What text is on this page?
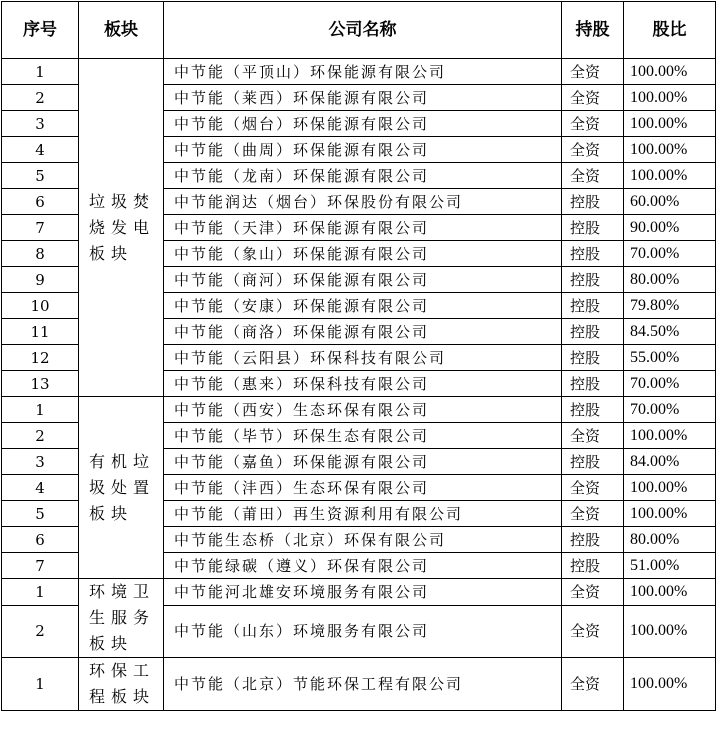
序号	板块	公司名称	持股	股比
1	垃圾焚烧发电板块	中节能（平顶山）环保能源有限公司	全资	100.00%
2		中节能（莱西）环保能源有限公司	全资	100.00%
3		中节能（烟台）环保能源有限公司	全资	100.00%
4		中节能（曲周）环保能源有限公司	全资	100.00%
5		中节能（龙南）环保能源有限公司	全资	100.00%
6		中节能润达（烟台）环保股份有限公司	控股	60.00%
7		中节能（天津）环保能源有限公司	控股	90.00%
8		中节能（象山）环保能源有限公司	控股	70.00%
9		中节能（商河）环保能源有限公司	控股	80.00%
10		中节能（安康）环保能源有限公司	控股	79.80%
11		中节能（商洛）环保能源有限公司	控股	84.50%
12		中节能（云阳县）环保科技有限公司	控股	55.00%
13		中节能（惠来）环保科技有限公司	控股	70.00%
1	有机垃圾处置板块	中节能（西安）生态环保有限公司	控股	70.00%
2		中节能（毕节）环保生态有限公司	全资	100.00%
3		中节能（嘉鱼）环保能源有限公司	控股	84.00%
4		中节能（沣西）生态环保有限公司	全资	100.00%
5		中节能（莆田）再生资源利用有限公司	全资	100.00%
6		中节能生态桥（北京）环保有限公司	控股	80.00%
7		中节能绿碳（遵义）环保有限公司	控股	51.00%
1	环境卫生服务板块	中节能河北雄安环境服务有限公司	全资	100.00%
2		中节能（山东）环境服务有限公司	全资	100.00%
1	环保工程板块	中节能（北京）节能环保工程有限公司	全资	100.00%
